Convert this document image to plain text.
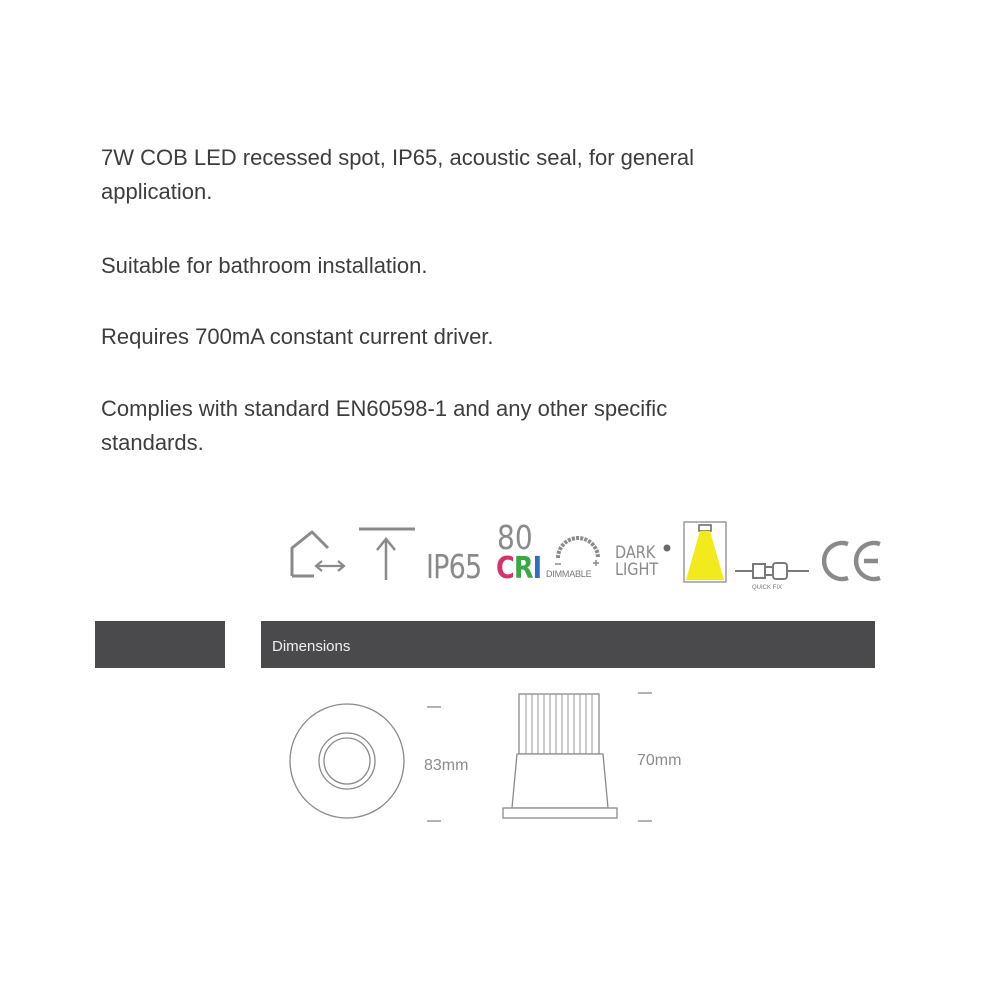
7W COB LED recessed spot, IP65, acoustic seal, for general
application.

Suitable for bathroom installation.

Requires 700mA constant current driver.

Complies with standard EN60598-1 and any other specific
standards.

IP65
80
CRI DIMMABLE
DARK
LIGHT
QUICK FIX
Dimensions
83mm	70mm
